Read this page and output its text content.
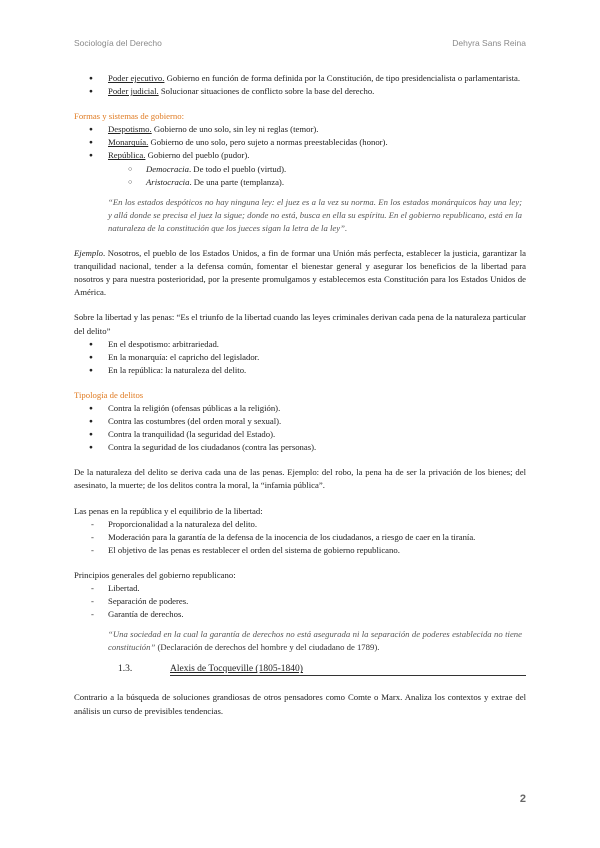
Sociología del Derecho	Dehyra Sans Reina
● Poder ejecutivo. Gobierno en función de forma definida por la Constitución, de tipo presidencialista o parlamentarista.
● Poder judicial. Solucionar situaciones de conflicto sobre la base del derecho.

Formas y sistemas de gobierno:

● Despotismo. Gobierno de uno solo, sin ley ni reglas (temor).
● Monarquía. Gobierno de uno solo, pero sujeto a normas preestablecidas (honor).
● República. Gobierno del pueblo (pudor).
○ Democracia. De todo el pueblo (virtud).
○ Aristocracia. De una parte (templanza).

“En los estados despóticos no hay ninguna ley: el juez es a la vez su norma. En los estados monárquicos hay una ley; y allá donde se precisa el juez la sigue; donde no está, busca en ella su espíritu. En el gobierno republicano, está en la naturaleza de la constitución que los jueces sigan la letra de la ley”.

Ejemplo. Nosotros, el pueblo de los Estados Unidos, a fin de formar una Unión más perfecta, establecer la justicia, garantizar la tranquilidad nacional, tender a la defensa común, fomentar el bienestar general y asegurar los beneficios de la libertad para nosotros y para nuestra posterioridad, por la presente promulgamos y establecemos esta Constitución para los Estados Unidos de América.

Sobre la libertad y las penas: “Es el triunfo de la libertad cuando las leyes criminales derivan cada pena de la naturaleza particular del delito”

● En el despotismo: arbitrariedad.
● En la monarquía: el capricho del legislador.
● En la república: la naturaleza del delito.

Tipología de delitos

● Contra la religión (ofensas públicas a la religión).
● Contra las costumbres (del orden moral y sexual).
● Contra la tranquilidad (la seguridad del Estado).
● Contra la seguridad de los ciudadanos (contra las personas).

De la naturaleza del delito se deriva cada una de las penas. Ejemplo: del robo, la pena ha de ser la privación de los bienes; del asesinato, la muerte; de los delitos contra la moral, la “infamia pública”.

Las penas en la república y el equilibrio de la libertad:

- Proporcionalidad a la naturaleza del delito.
- Moderación para la garantía de la defensa de la inocencia de los ciudadanos, a riesgo de caer en la tiranía.
- El objetivo de las penas es restablecer el orden del sistema de gobierno republicano.

Principios generales del gobierno republicano:

- Libertad.
- Separación de poderes.
- Garantía de derechos.

“Una sociedad en la cual la garantía de derechos no está asegurada ni la separación de poderes establecida no tiene constitución” (Declaración de derechos del hombre y del ciudadano de 1789).

1.3.	Alexis de Tocqueville (1805-1840)

Contrario a la búsqueda de soluciones grandiosas de otros pensadores como Comte o Marx. Analiza los contextos y extrae del análisis un curso de previsibles tendencias.

2
